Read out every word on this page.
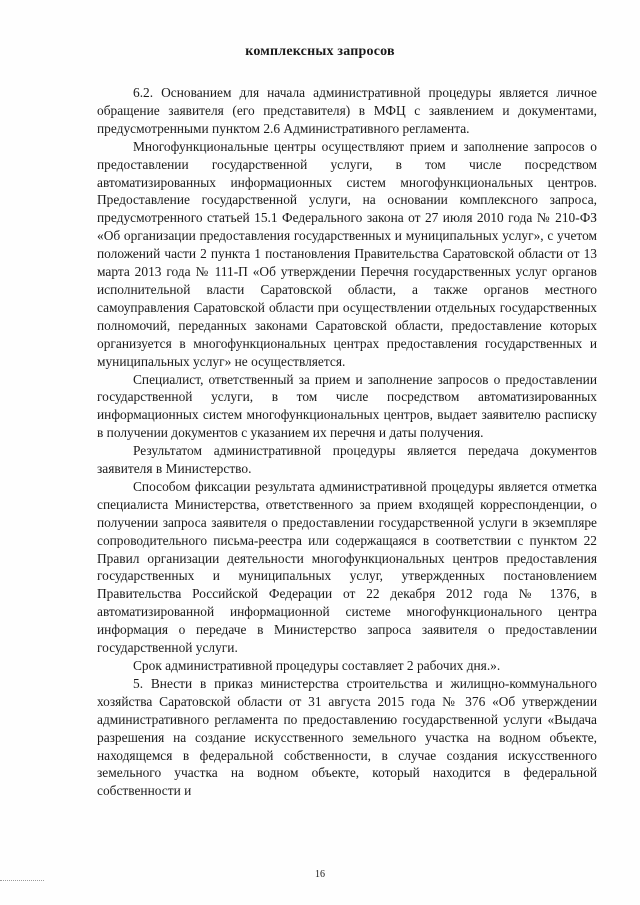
комплексных запросов

6.2. Основанием для начала административной процедуры является личное обращение заявителя (его представителя) в МФЦ с заявлением и документами, предусмотренными пунктом 2.6 Административного регламента.

Многофункциональные центры осуществляют прием и заполнение запросов о предоставлении государственной услуги, в том числе посредством автоматизированных информационных систем многофункциональных центров. Предоставление государственной услуги, на основании комплексного запроса, предусмотренного статьей 15.1 Федерального закона от 27 июля 2010 года № 210-ФЗ «Об организации предоставления государственных и муниципальных услуг», с учетом положений части 2 пункта 1 постановления Правительства Саратовской области от 13 марта 2013 года № 111-П «Об утверждении Перечня государственных услуг органов исполнительной власти Саратовской области, а также органов местного самоуправления Саратовской области при осуществлении отдельных государственных полномочий, переданных законами Саратовской области, предоставление которых организуется в многофункциональных центрах предоставления государственных и муниципальных услуг» не осуществляется.

Специалист, ответственный за прием и заполнение запросов о предоставлении государственной услуги, в том числе посредством автоматизированных информационных систем многофункциональных центров, выдает заявителю расписку в получении документов с указанием их перечня и даты получения.

Результатом административной процедуры является передача документов заявителя в Министерство.

Способом фиксации результата административной процедуры является отметка специалиста Министерства, ответственного за прием входящей корреспонденции, о получении запроса заявителя о предоставлении государственной услуги в экземпляре сопроводительного письма-реестра или содержащаяся в соответствии с пунктом 22 Правил организации деятельности многофункциональных центров предоставления государственных и муниципальных услуг, утвержденных постановлением Правительства Российской Федерации от 22 декабря 2012 года № 1376, в автоматизированной информационной системе многофункционального центра информация о передаче в Министерство запроса заявителя о предоставлении государственной услуги.

Срок административной процедуры составляет 2 рабочих дня.».

5. Внести в приказ министерства строительства и жилищно-коммунального хозяйства Саратовской области от 31 августа 2015 года № 376 «Об утверждении административного регламента по предоставлению государственной услуги «Выдача разрешения на создание искусственного земельного участка на водном объекте, находящемся в федеральной собственности, в случае создания искусственного земельного участка на водном объекте, который находится в федеральной собственности и

16
